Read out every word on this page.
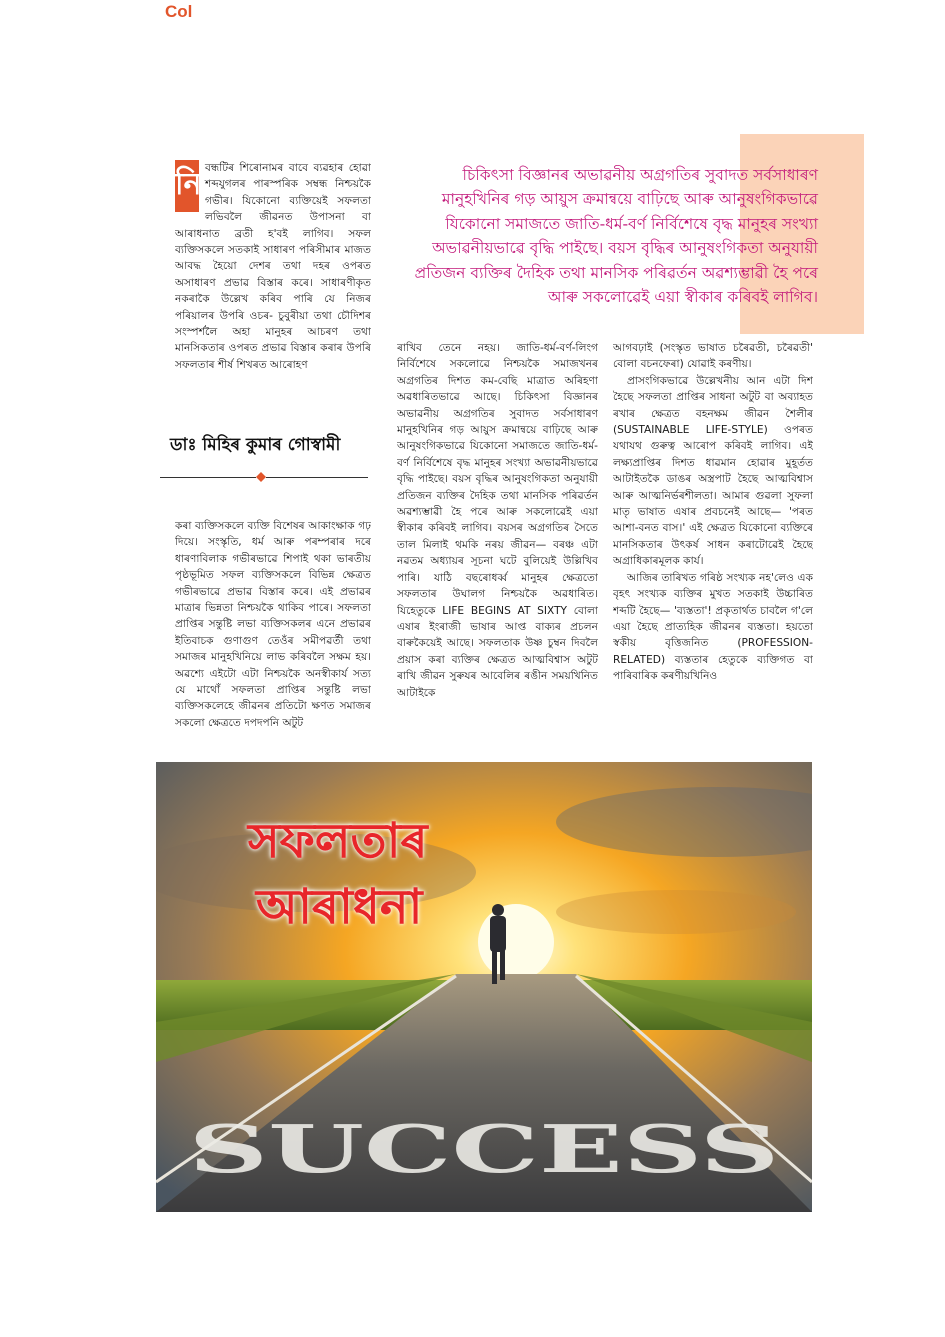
Col
নি বন্ধটিৰ শিৰোনামৰ বাবে ব্যৱহাৰ হোৱা শব্দযুগলৰ পাৰস্পৰিক সম্বন্ধ নিশ্চয়কৈ গভীৰ। যিকোনো ব্যক্তিয়েই সফলতা লভিবলৈ জীৱনত উপাসনা বা আৰাধনাত ব্ৰতী হ'বই লাগিব। সফল ব্যক্তিসকলে সতকাই সাধাৰণ পৰিসীমাৰ মাজত আবদ্ধ হৈয়ো দেশৰ তথা দহৰ ওপৰত অসাধাৰণ প্ৰভাৱ বিস্তাৰ কৰে। সাধাৰণীকৃত নকৰাকৈ উল্লেখ কৰিব পাৰি যে নিজৰ পৰিয়ালৰ উপৰি ওচৰ- চুবুৰীয়া তথা চৌদিশৰ সংস্পৰ্শলৈ অহা মানুহৰ আচৰণ তথা মানসিকতাৰ ওপৰত প্ৰভাৱ বিস্তাৰ কৰাৰ উপৰি সফলতাৰ শীৰ্ষ শিখৰত আৰোহণ
ডাঃ মিহিৰ কুমাৰ গোস্বামী

কৰা ব্যক্তিসকলে ব্যক্তি বিশেষৰ আকাংক্ষাক গঢ় দিয়ে। সংস্কৃতি, ধৰ্ম আৰু পৰম্পৰাৰ দৰে ধাৰণাবিলাক গভীৰভাৱে শিপাই থকা ভাৰতীয় পৃষ্ঠভূমিত সফল ব্যক্তিসকলে বিভিন্ন ক্ষেত্ৰত গভীৰভাৱে প্ৰভাৱ বিস্তাৰ কৰে। এই প্ৰভাৱৰ মাত্ৰাৰ ভিন্নতা নিশ্চয়কৈ থাকিব পাৰে। সফলতা প্ৰাপ্তিৰ সন্তুষ্টি লভা ব্যক্তিসকলৰ এনে প্ৰভাৱৰ ইতিবাচক গুণাগুণ তেওঁৰ সমীপৱৰ্তী তথা সমাজৰ মানুহখিনিয়ে লাভ কৰিবলৈ সক্ষম হয়। অৱশ্যে এইটো এটা নিশ্চয়কৈ অনস্বীকাৰ্য সত্য যে মাথোঁ সফলতা প্ৰাপ্তিৰ সন্তুষ্টি লভা ব্যক্তিসকলেহে জীৱনৰ প্ৰতিটো ক্ষণত সমাজৰ সকলো ক্ষেত্ৰতে দপদপনি অটুট

চিকিৎসা বিজ্ঞানৰ অভাৱনীয় অগ্ৰগতিৰ সুবাদত সৰ্বসাধাৰণ মানুহখিনিৰ গড় আয়ুস ক্ৰমান্বয়ে বাঢ়িছে আৰু আনুষংগিকভাৱে যিকোনো সমাজতে জাতি-ধৰ্ম-বৰ্ণ নিৰ্বিশেষে বৃদ্ধ মানুহৰ সংখ্যা অভাৱনীয়ভাৱে বৃদ্ধি পাইছে। বয়স বৃদ্ধিৰ আনুষংগিকতা অনুযায়ী প্ৰতিজন ব্যক্তিৰ দৈহিক তথা মানসিক পৰিৱৰ্তন অৱশ্যম্ভাৱী হৈ পৰে আৰু সকলোৱেই এয়া স্বীকাৰ কৰিবই লাগিব।

ৰাখিব তেনে নহয়। জাতি-ধৰ্ম-বৰ্ণ-লিংগ নিৰ্বিশেষে সকলোৱে নিশ্চয়কৈ সমাজখনৰ অগ্ৰগতিৰ দিশত কম-বেছি মাত্ৰাত অৰিহণা অৱধাৰিতভাৱে আছে। চিকিৎসা বিজ্ঞানৰ অভাৱনীয় অগ্ৰগতিৰ সুবাদত সৰ্বসাধাৰণ মানুহখিনিৰ গড় আয়ুস ক্ৰমান্বয়ে বাঢ়িছে আৰু আনুষংগিকভাৱে যিকোনো সমাজতে জাতি-ধৰ্ম-বৰ্ণ নিৰ্বিশেষে বৃদ্ধ মানুহৰ সংখ্যা অভাৱনীয়ভাৱে বৃদ্ধি পাইছে। বয়স বৃদ্ধিৰ আনুষংগিকতা অনুযায়ী প্ৰতিজন ব্যক্তিৰ দৈহিক তথা মানসিক পৰিৱৰ্তন অৱশ্যম্ভাৱী হৈ পৰে আৰু সকলোৱেই এয়া স্বীকাৰ কৰিবই লাগিব। বয়সৰ অগ্ৰগতিৰ সৈতে তাল মিলাই থমকি নৰয় জীৱন— বৰঞ্চ এটা নৱতম অধ্যায়ৰ সূচনা ঘটে বুলিয়েই উল্লিখিব পাৰি। যাঠি বছৰোধৰ্ব্ব মানুহৰ ক্ষেত্ৰতো সফলতাৰ উঘালগ নিশ্চয়কৈ অৱধাৰিত। যিহেতুকে LIFE BEGINS AT SIXTY বোলা এষাৰ ইংৰাজী ভাষাৰ আপ্ত বাক্যৰ প্ৰচলন বাৰুকৈয়েই আছে। সফলতাক উষ্ণ চুম্বন দিবলৈ প্ৰয়াস কৰা ব্যক্তিৰ ক্ষেত্ৰত আত্মবিশ্বাস অটুট ৰাখি জীৱন সুৰুযৰ আবেলিৰ ৰঙীন সময়খিনিত আটাইকে

আগবঢ়াই (সংস্কৃত ভাষাত চৰৈৱতী, চৰৈৱতী' বোলা বচনফেৰা) যোৱাই কৰণীয়।

প্ৰাসংগিকভাৱে উল্লেখনীয় আন এটা দিশ হৈছে সফলতা প্ৰাপ্তিৰ সাধনা অটুট বা অব্যাহত ৰখাৰ ক্ষেত্ৰত বহনক্ষম জীৱন শৈলীৰ (SUSTAINABLE LIFE-STYLE) ওপৰত যথাযথ গুৰুত্ব আৰোপ কৰিবই লাগিব। এই লক্ষ্যপ্ৰাপ্তিৰ দিশত ধাৱমান হোৱাৰ মুহূৰ্তত আটাইতকৈ ডাঙৰ অস্ত্ৰপাট হৈছে আত্মবিশ্বাস আৰু আত্মনিৰ্ভৰশীলতা। আমাৰ গুৱলা সুফলা মাতৃ ভাষাত এষাৰ প্ৰবচনেই আছে— 'পৰত আশা-বনত বাস।' এই ক্ষেত্ৰত যিকোনো ব্যক্তিৰে মানসিকতাৰ উৎকৰ্ষ সাধন কৰাটোৱেই হৈছে অগ্ৰাধিকাৰমূলক কাৰ্য।

আজিৰ তাৰিখত গৰিষ্ঠ সংখ্যক নহ'লেও এক বৃহৎ সংখ্যক ব্যক্তিৰ মুখত সতকাই উচ্চাৰিত শব্দটি হৈছে— 'ব্যস্ততা'! প্ৰকৃতাৰ্থত চাবলৈ গ'লে এয়া হৈছে প্ৰাত্যহিক জীৱনৰ ব্যস্ততা। হয়তো স্বকীয় বৃত্তিজনিত (PROFESSION-RELATED) ব্যস্ততাৰ হেতুকে ব্যক্তিগত বা পাৰিবাৰিক কৰণীয়খিনিও

SUCCESS
সফলতাৰ
আৰাধনা
